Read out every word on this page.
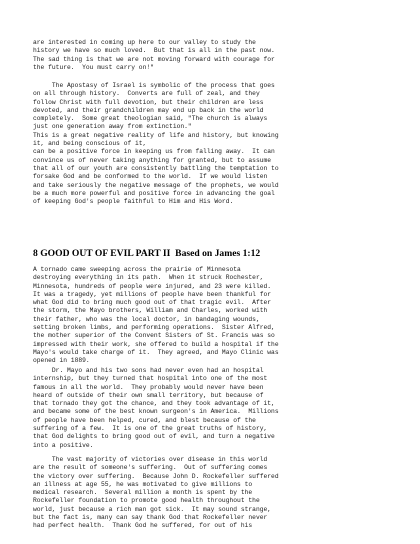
are interested in coming up here to our valley to study the
history we have so much loved.  But that is all in the past now.
The sad thing is that we are not moving forward with courage for
the future.  You must carry on!"
The Apostasy of Israel is symbolic of the process that goes
on all through history.  Converts are full of zeal, and they
follow Christ with full devotion, but their children are less
devoted, and their grandchildren may end up back in the world
completely.  Some great theologian said, "The church is always
just one generation away from extinction."
This is a great negative reality of life and history, but knowing
it, and being conscious of it,
can be a positive force in keeping us from falling away.  It can
convince us of never taking anything for granted, but to assume
that all of our youth are consistently battling the temptation to
forsake God and be conformed to the world.  If we would listen
and take seriously the negative message of the prophets, we would
be a much more powerful and positive force in advancing the goal
of keeping God's people faithful to Him and His Word.
8 GOOD OUT OF EVIL PART II  Based on James 1:12
A tornado came sweeping across the prairie of Minnesota
destroying everything in its path.  When it struck Rochester,
Minnesota, hundreds of people were injured, and 23 were killed.
It was a tragedy, yet millions of people have been thankful for
what God did to bring much good out of that tragic evil.  After
the storm, the Mayo brothers, William and Charles, worked with
their father, who was the local doctor, in bandaging wounds,
setting broken limbs, and performing operations.  Sister Alfred,
the mother superior of the Convent Sisters of St. Francis was so
impressed with their work, she offered to build a hospital if the
Mayo's would take charge of it.  They agreed, and Mayo Clinic was
opened in 1889.
Dr. Mayo and his two sons had never even had an hospital
internship, but they turned that hospital into one of the most
famous in all the world.  They probably would never have been
heard of outside of their own small territory, but because of
that tornado they got the chance, and they took advantage of it,
and became some of the best known surgeon's in America.  Millions
of people have been helped, cured, and blest because of the
suffering of a few.  It is one of the great truths of history,
that God delights to bring good out of evil, and turn a negative
into a positive.
The vast majority of victories over disease in this world
are the result of someone's suffering.  Out of suffering comes
the victory over suffering.  Because John D. Rockefeller suffered
an illness at age 55, he was motivated to give millions to
medical research.  Several million a month is spent by the
Rockefeller foundation to promote good health throughout the
world, just because a rich man got sick.  It may sound strange,
but the fact is, many can say thank God that Rockefeller never
had perfect health.  Thank God he suffered, for out of his
